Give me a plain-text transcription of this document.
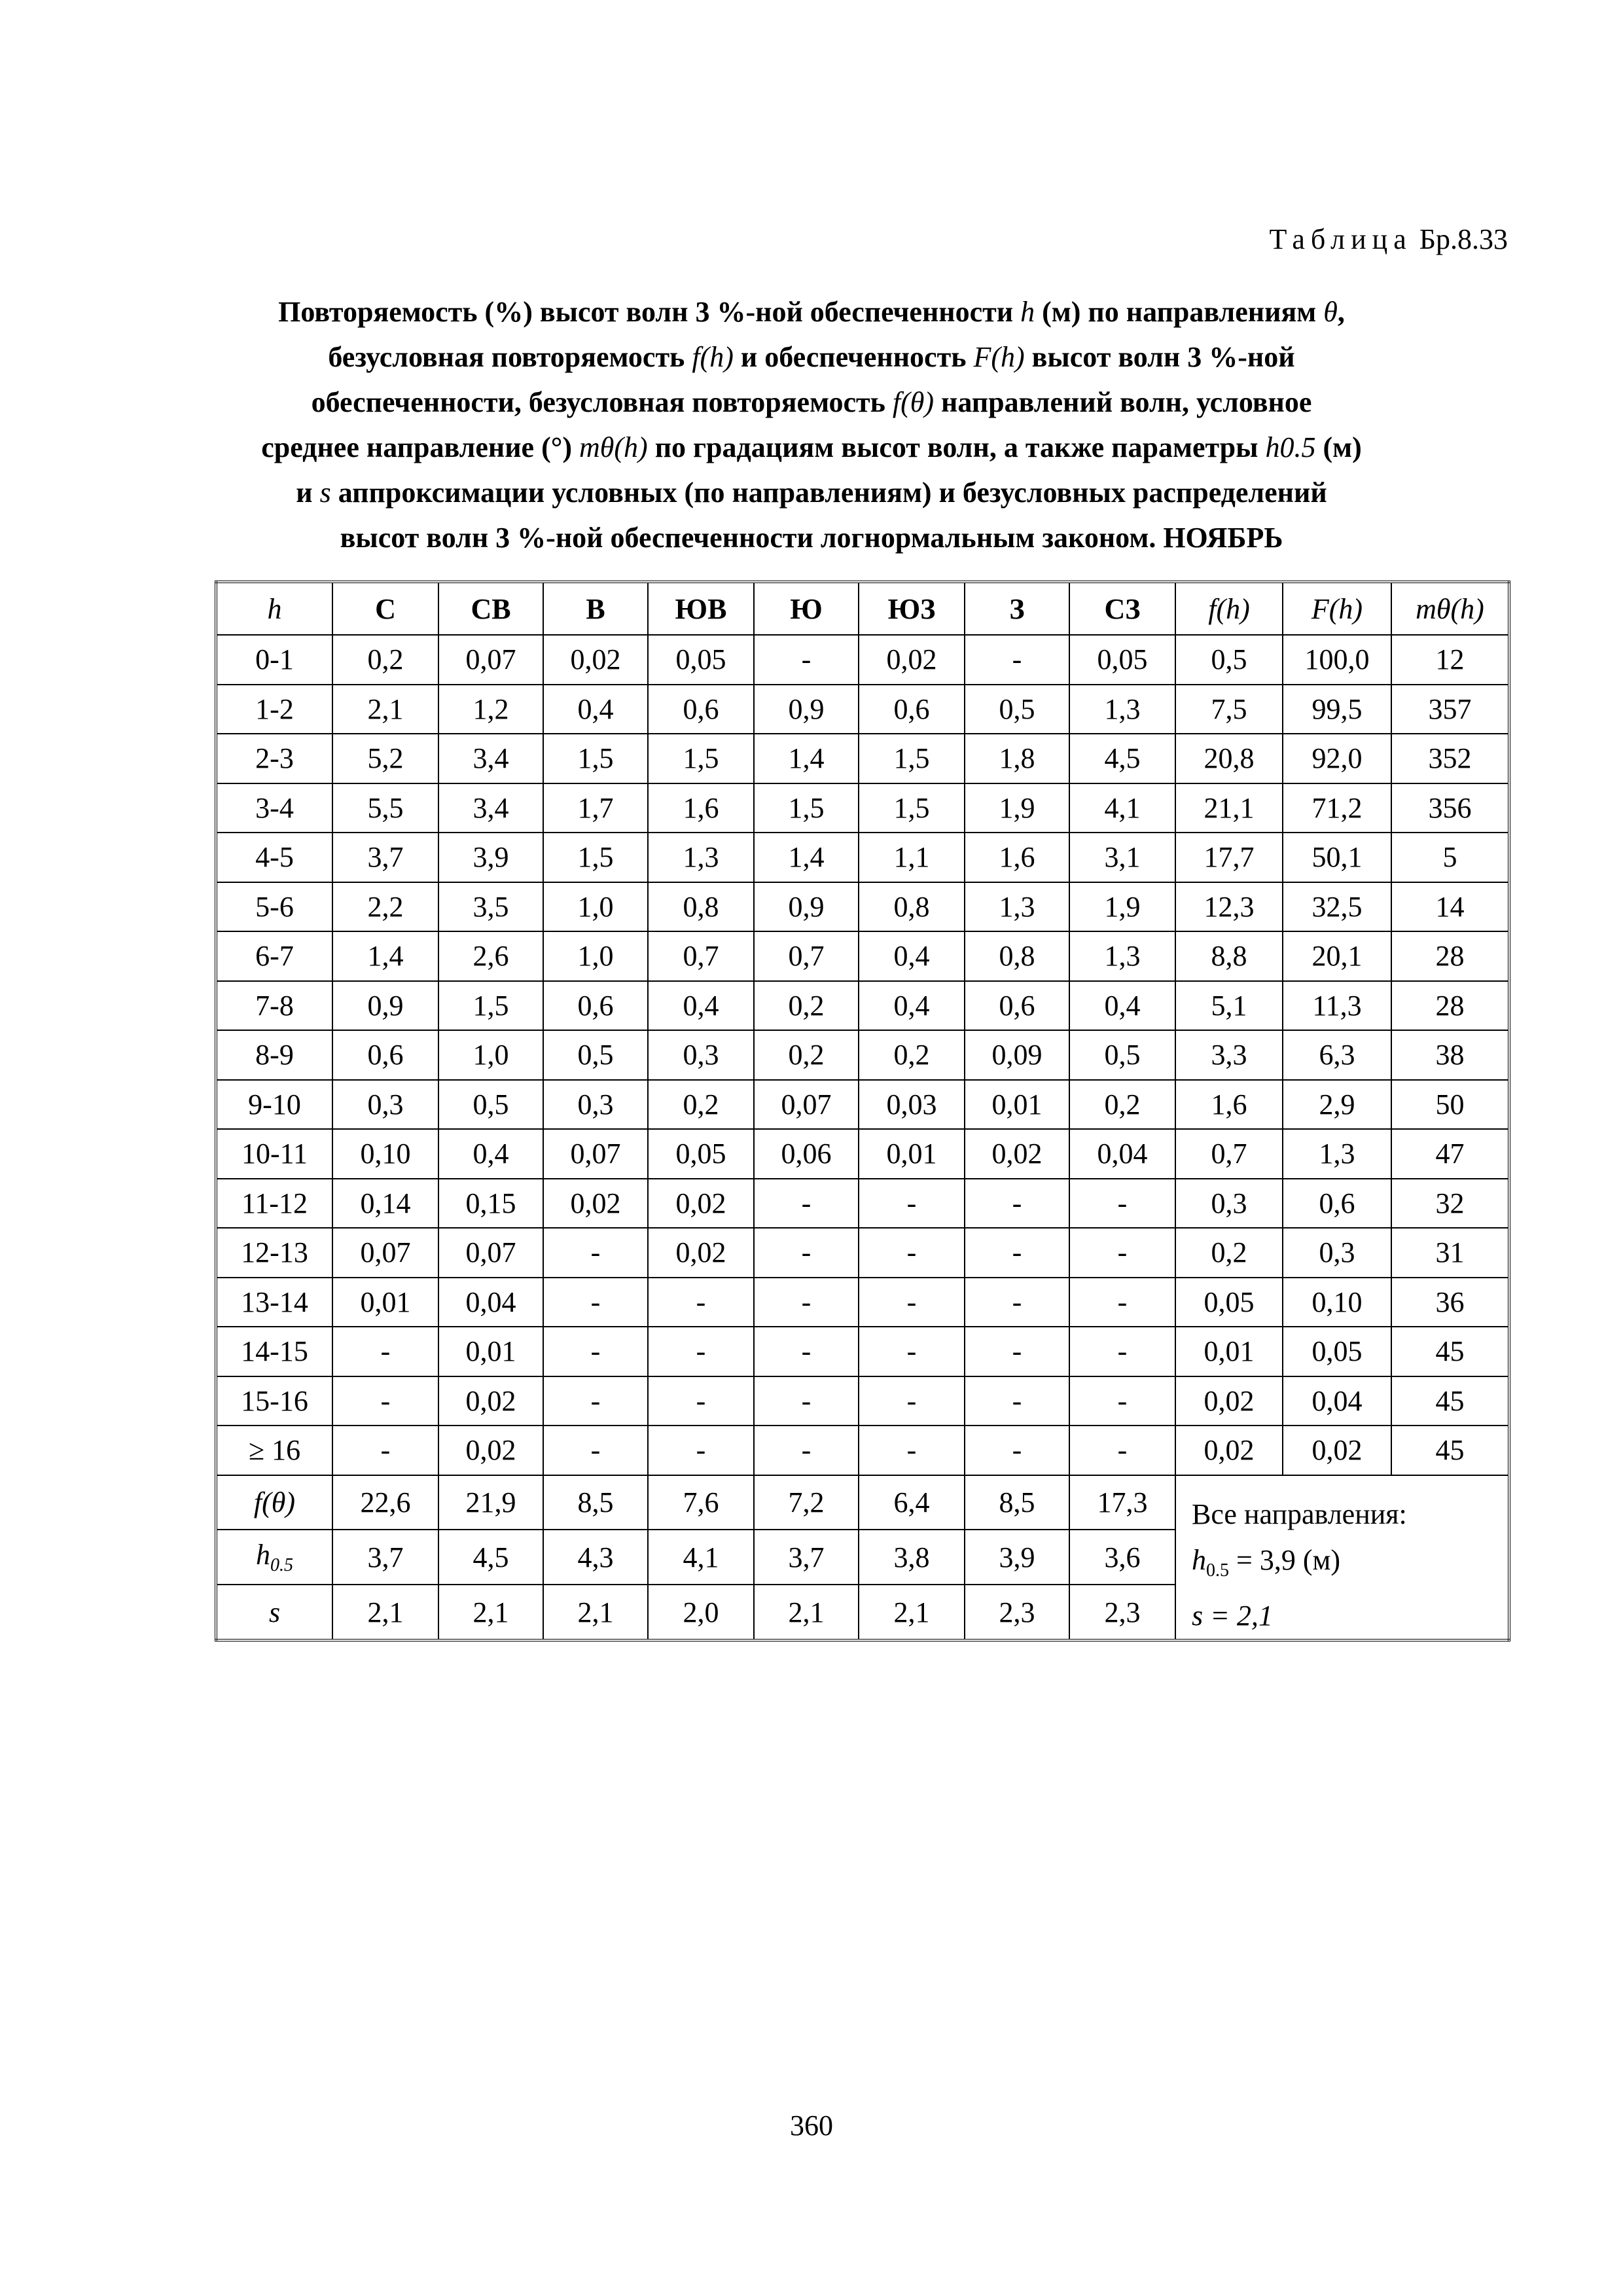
Таблица Бр.8.33
Повторяемость (%) высот волн 3 %-ной обеспеченности h (м) по направлениям θ,
безусловная повторяемость f(h) и обеспеченность F(h) высот волн 3 %-ной
обеспеченности, безусловная повторяемость f(θ) направлений волн, условное
среднее направление (°) mθ(h) по градациям высот волн, а также параметры h0.5 (м)
и s аппроксимации условных (по направлениям) и безусловных распределений
высот волн 3 %-ной обеспеченности логнормальным законом. НОЯБРЬ
h	С	СВ	В	ЮВ	Ю	ЮЗ	З	СЗ	f(h)	F(h)	mθ(h)
0-1	0,2	0,07	0,02	0,05	-	0,02	-	0,05	0,5	100,0	12
1-2	2,1	1,2	0,4	0,6	0,9	0,6	0,5	1,3	7,5	99,5	357
2-3	5,2	3,4	1,5	1,5	1,4	1,5	1,8	4,5	20,8	92,0	352
3-4	5,5	3,4	1,7	1,6	1,5	1,5	1,9	4,1	21,1	71,2	356
4-5	3,7	3,9	1,5	1,3	1,4	1,1	1,6	3,1	17,7	50,1	5
5-6	2,2	3,5	1,0	0,8	0,9	0,8	1,3	1,9	12,3	32,5	14
6-7	1,4	2,6	1,0	0,7	0,7	0,4	0,8	1,3	8,8	20,1	28
7-8	0,9	1,5	0,6	0,4	0,2	0,4	0,6	0,4	5,1	11,3	28
8-9	0,6	1,0	0,5	0,3	0,2	0,2	0,09	0,5	3,3	6,3	38
9-10	0,3	0,5	0,3	0,2	0,07	0,03	0,01	0,2	1,6	2,9	50
10-11	0,10	0,4	0,07	0,05	0,06	0,01	0,02	0,04	0,7	1,3	47
11-12	0,14	0,15	0,02	0,02	-	-	-	-	0,3	0,6	32
12-13	0,07	0,07	-	0,02	-	-	-	-	0,2	0,3	31
13-14	0,01	0,04	-	-	-	-	-	-	0,05	0,10	36
14-15	-	0,01	-	-	-	-	-	-	0,01	0,05	45
15-16	-	0,02	-	-	-	-	-	-	0,02	0,04	45
≥ 16	-	0,02	-	-	-	-	-	-	0,02	0,02	45
f(θ)	22,6	21,9	8,5	7,6	7,2	6,4	8,5	17,3	Все направления:
$h_{0.5} = 3,9$ (м)
s = 2,1		

$h_{0.5}$	3,7	4,5	4,3	4,1	3,7	3,8	3,9	3,6			
s	2,1	2,1	2,1	2,0	2,1	2,1	2,3	2,3			
360
